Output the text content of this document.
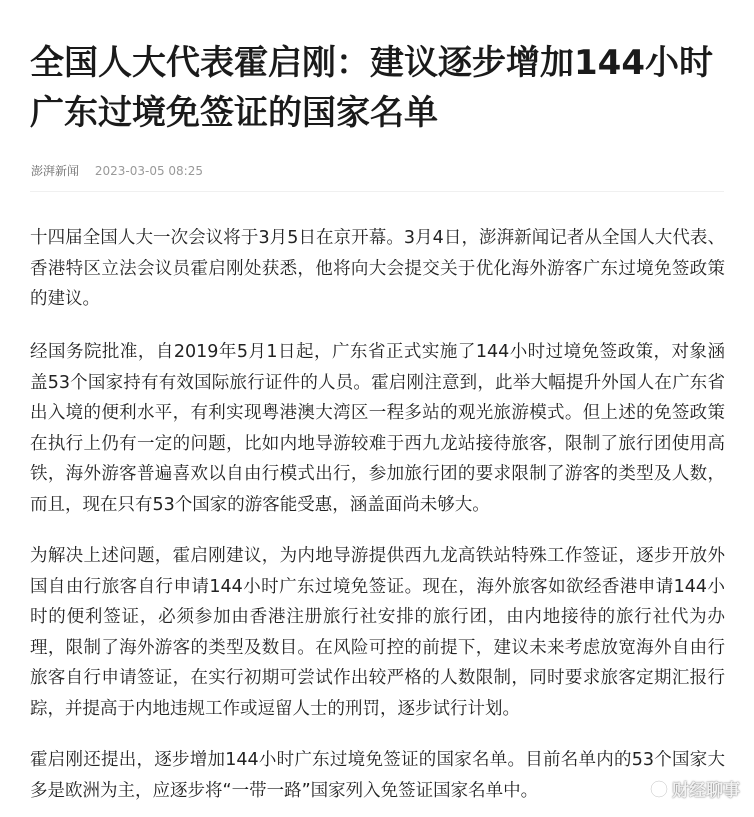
全国人大代表霍启刚：建议逐步增加144小时广东过境免签证的国家名单
澎湃新闻 2023-03-05 08:25

十四届全国人大一次会议将于3月5日在京开幕。3月4日，澎湃新闻记者从全国人大代表、香港特区立法会议员霍启刚处获悉，他将向大会提交关于优化海外游客广东过境免签政策的建议。

经国务院批准，自2019年5月1日起，广东省正式实施了144小时过境免签政策，对象涵盖53个国家持有有效国际旅行证件的人员。霍启刚注意到，此举大幅提升外国人在广东省出入境的便利水平，有利实现粤港澳大湾区一程多站的观光旅游模式。但上述的免签政策在执行上仍有一定的问题，比如内地导游较难于西九龙站接待旅客，限制了旅行团使用高铁，海外游客普遍喜欢以自由行模式出行，参加旅行团的要求限制了游客的类型及人数，而且，现在只有53个国家的游客能受惠，涵盖面尚未够大。

为解决上述问题，霍启刚建议，为内地导游提供西九龙高铁站特殊工作签证，逐步开放外国自由行旅客自行申请144小时广东过境免签证。现在，海外旅客如欲经香港申请144小时的便利签证，必须参加由香港注册旅行社安排的旅行团，由内地接待的旅行社代为办理，限制了海外游客的类型及数目。在风险可控的前提下，建议未来考虑放宽海外自由行旅客自行申请签证，在实行初期可尝试作出较严格的人数限制，同时要求旅客定期汇报行踪，并提高于内地违规工作或逗留人士的刑罚，逐步试行计划。

霍启刚还提出，逐步增加144小时广东过境免签证的国家名单。目前名单内的53个国家大多是欧洲为主，应逐步将“一带一路”国家列入免签证国家名单中。	财经聊事
